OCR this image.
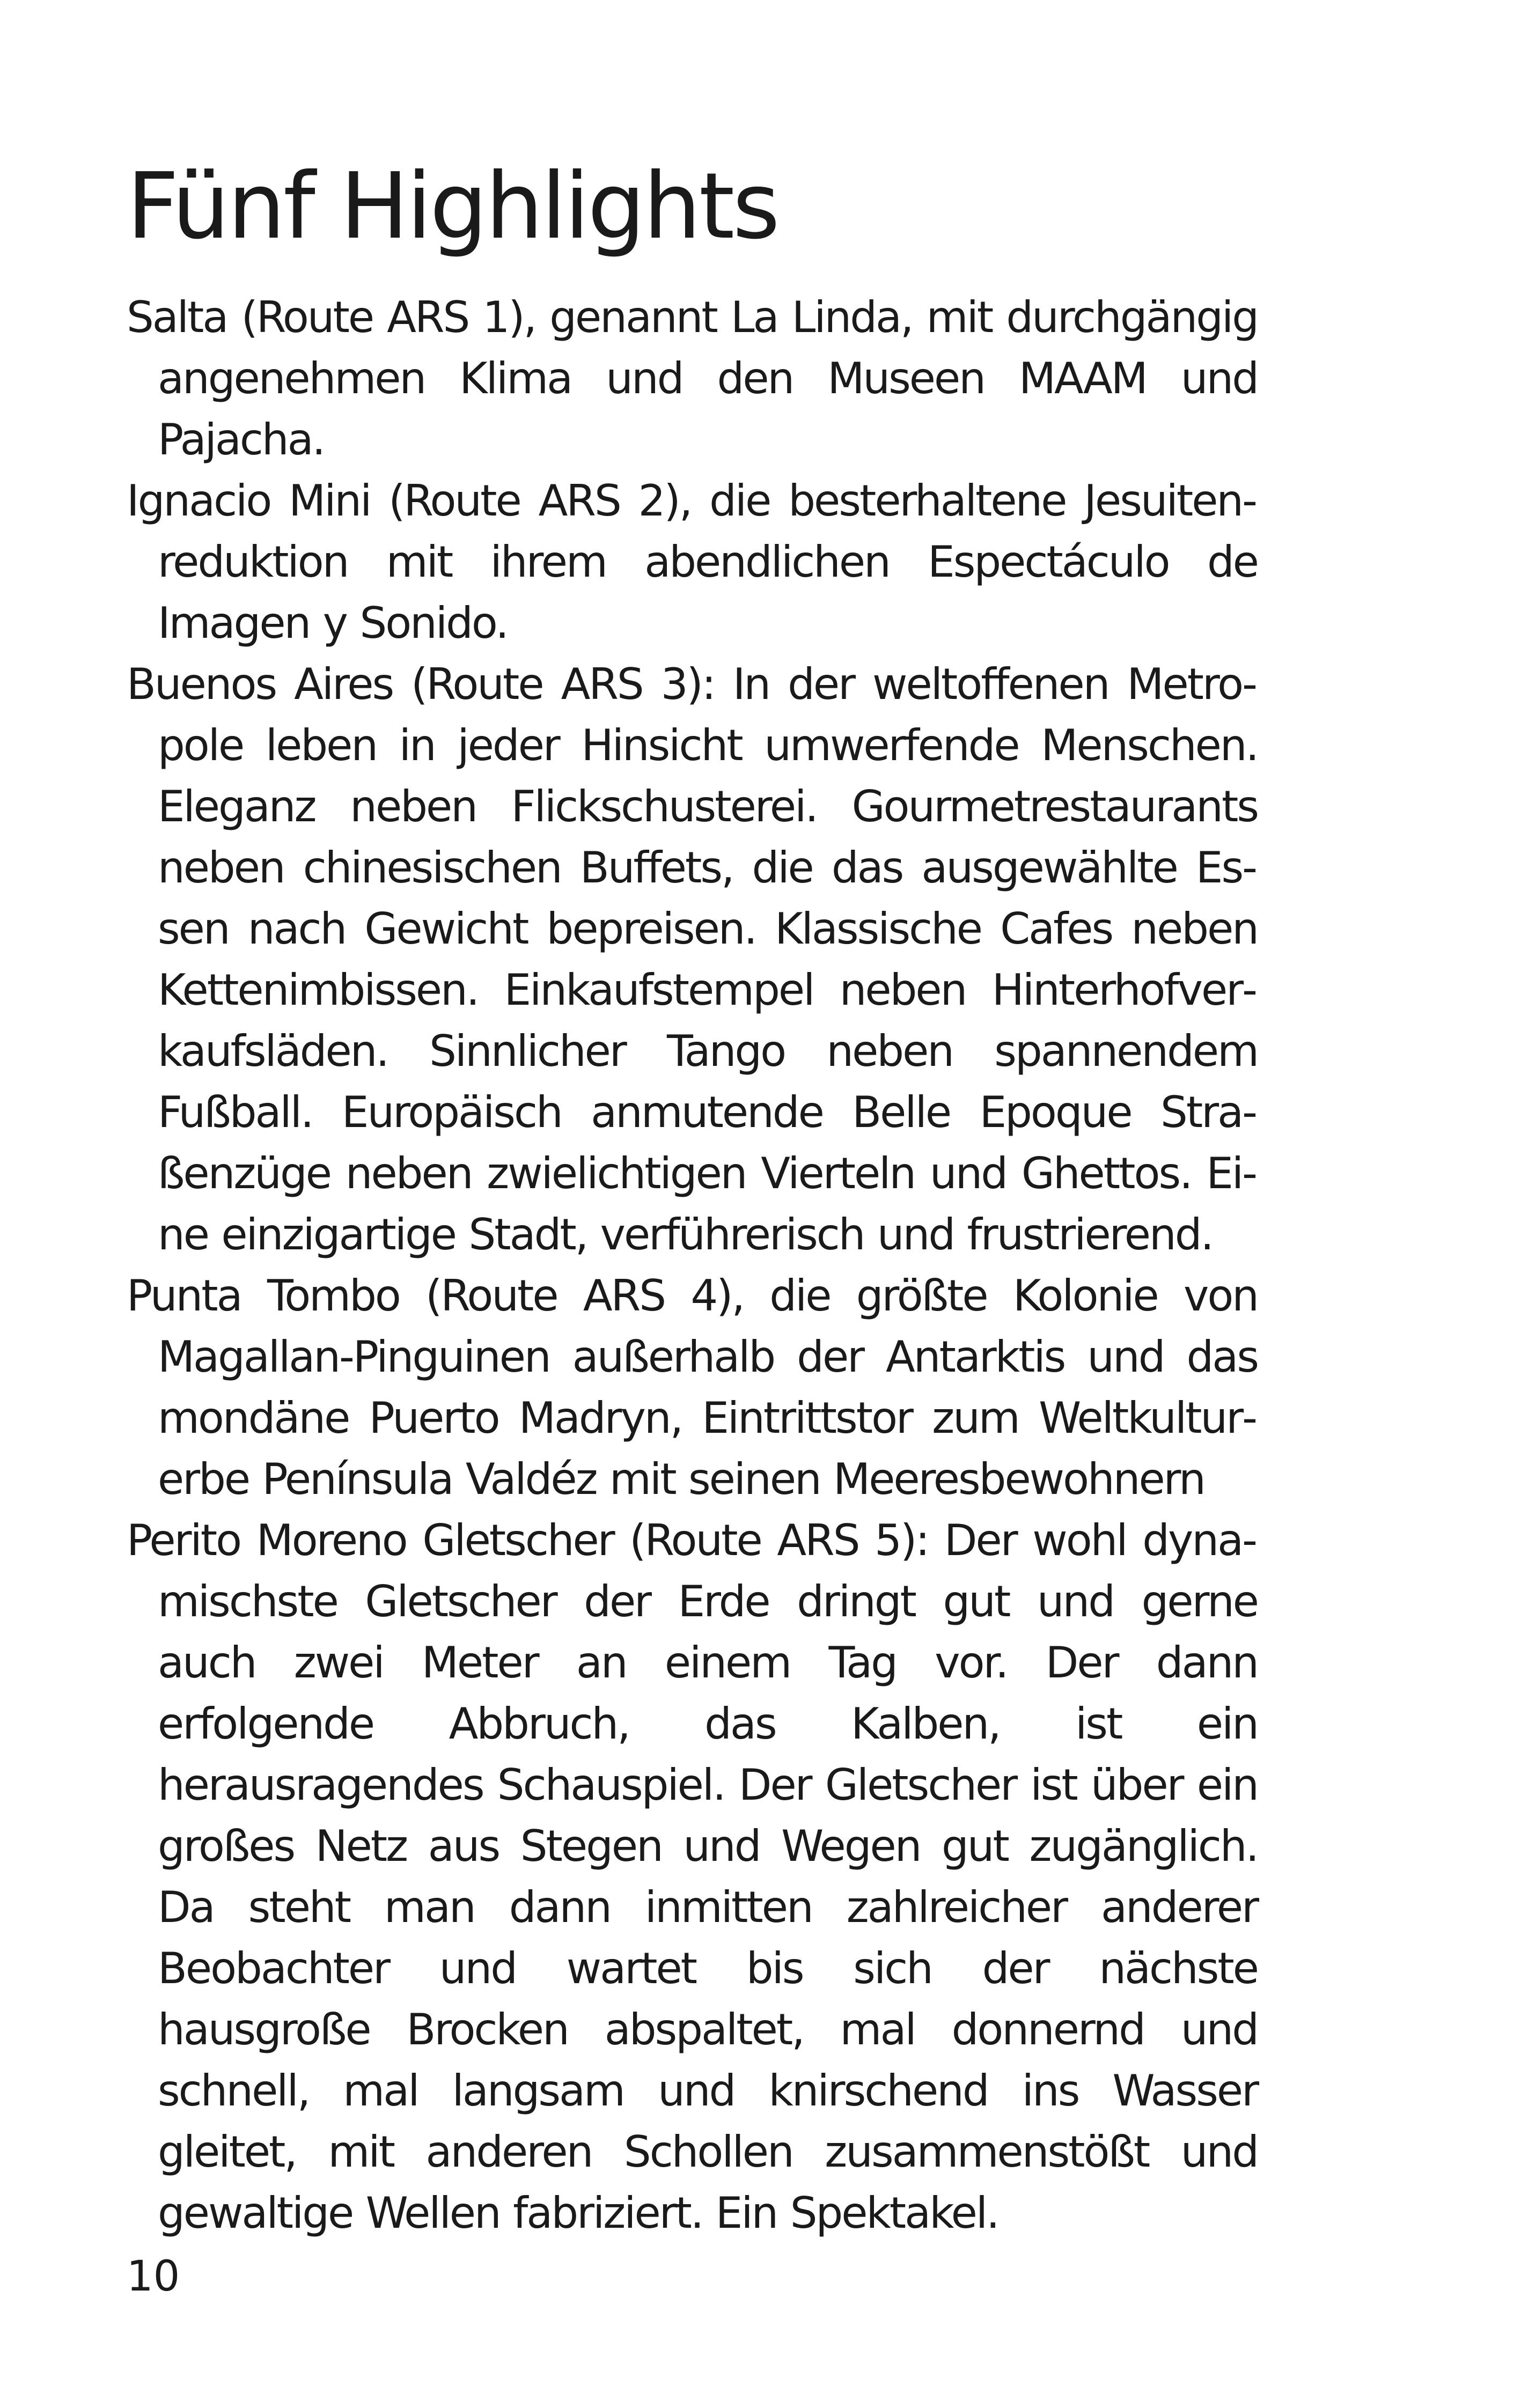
Fünf Highlights
Salta (Route ARS 1), genannt La Linda, mit durchgängig angenehmen Klima und den Museen MAAM und Pajacha.
Ignacio Mini (Route ARS 2), die besterhaltene Jesuitenreduktion mit ihrem abendlichen Espectáculo de Imagen y Sonido.
Buenos Aires (Route ARS 3): In der weltoffenen Metropole leben in jeder Hinsicht umwerfende Menschen. Eleganz neben Flickschusterei. Gourmetrestaurants neben chinesischen Buffets, die das ausgewählte Essen nach Gewicht bepreisen. Klassische Cafes neben Kettenimbissen. Einkaufstempel neben Hinterhofverkaufsläden. Sinnlicher Tango neben spannendem Fußball. Europäisch anmutende Belle Epoque Straßenzüge neben zwielichtigen Vierteln und Ghettos. Eine einzigartige Stadt, verführerisch und frustrierend.
Punta Tombo (Route ARS 4), die größte Kolonie von Magallan-Pinguinen außerhalb der Antarktis und das mondäne Puerto Madryn, Eintrittstor zum Weltkulturerbe Península Valdéz mit seinen Meeresbewohnern
Perito Moreno Gletscher (Route ARS 5): Der wohl dynamischste Gletscher der Erde dringt gut und gerne auch zwei Meter an einem Tag vor. Der dann erfolgende Abbruch, das Kalben, ist ein herausragendes Schauspiel. Der Gletscher ist über ein großes Netz aus Stegen und Wegen gut zugänglich. Da steht man dann inmitten zahlreicher anderer Beobachter und wartet bis sich der nächste hausgroße Brocken abspaltet, mal donnernd und schnell, mal langsam und knirschend ins Wasser gleitet, mit anderen Schollen zusammenstößt und gewaltige Wellen fabriziert. Ein Spektakel.

10
